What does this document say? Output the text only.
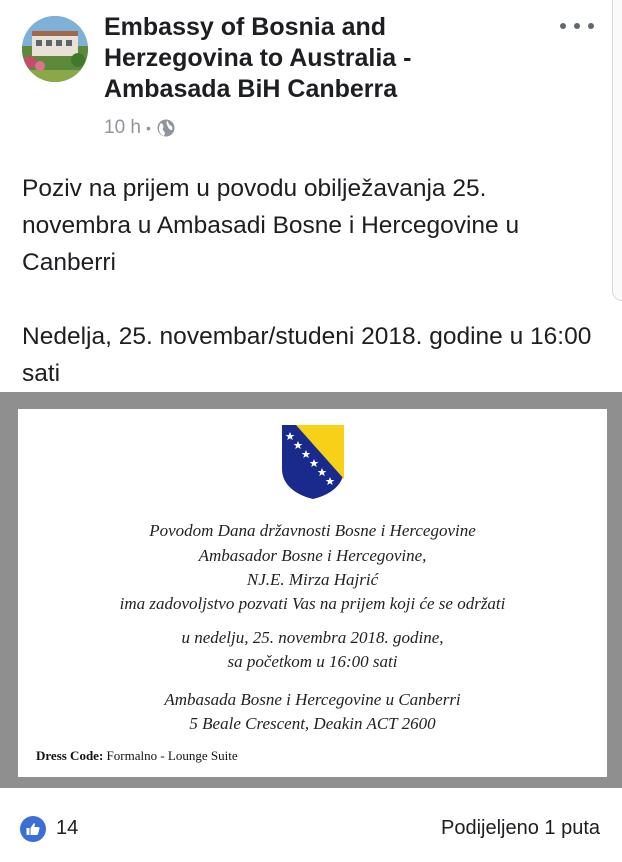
Embassy of Bosnia and Herzegovina to Australia - Ambasada BiH Canberra
10 h •

Poziv na prijem u povodu obilježavanja 25. novembra u Ambasadi Bosne i Hercegovine u Canberri

Nedelja, 25. novembar/studeni 2018. godine u 16:00 sati

Povodom Dana državnosti Bosne i Hercegovine
Ambasador Bosne i Hercegovine,
NJ.E. Mirza Hajrić
ima zadovoljstvo pozvati Vas na prijem koji će se održati
u nedelju, 25. novembra 2018. godine,
sa početkom u 16:00 sati
Ambasada Bosne i Hercegovine u Canberri
5 Beale Crescent, Deakin ACT 2600
Dress Code: Formalno - Lounge Suite
14	Podijeljeno 1 puta
